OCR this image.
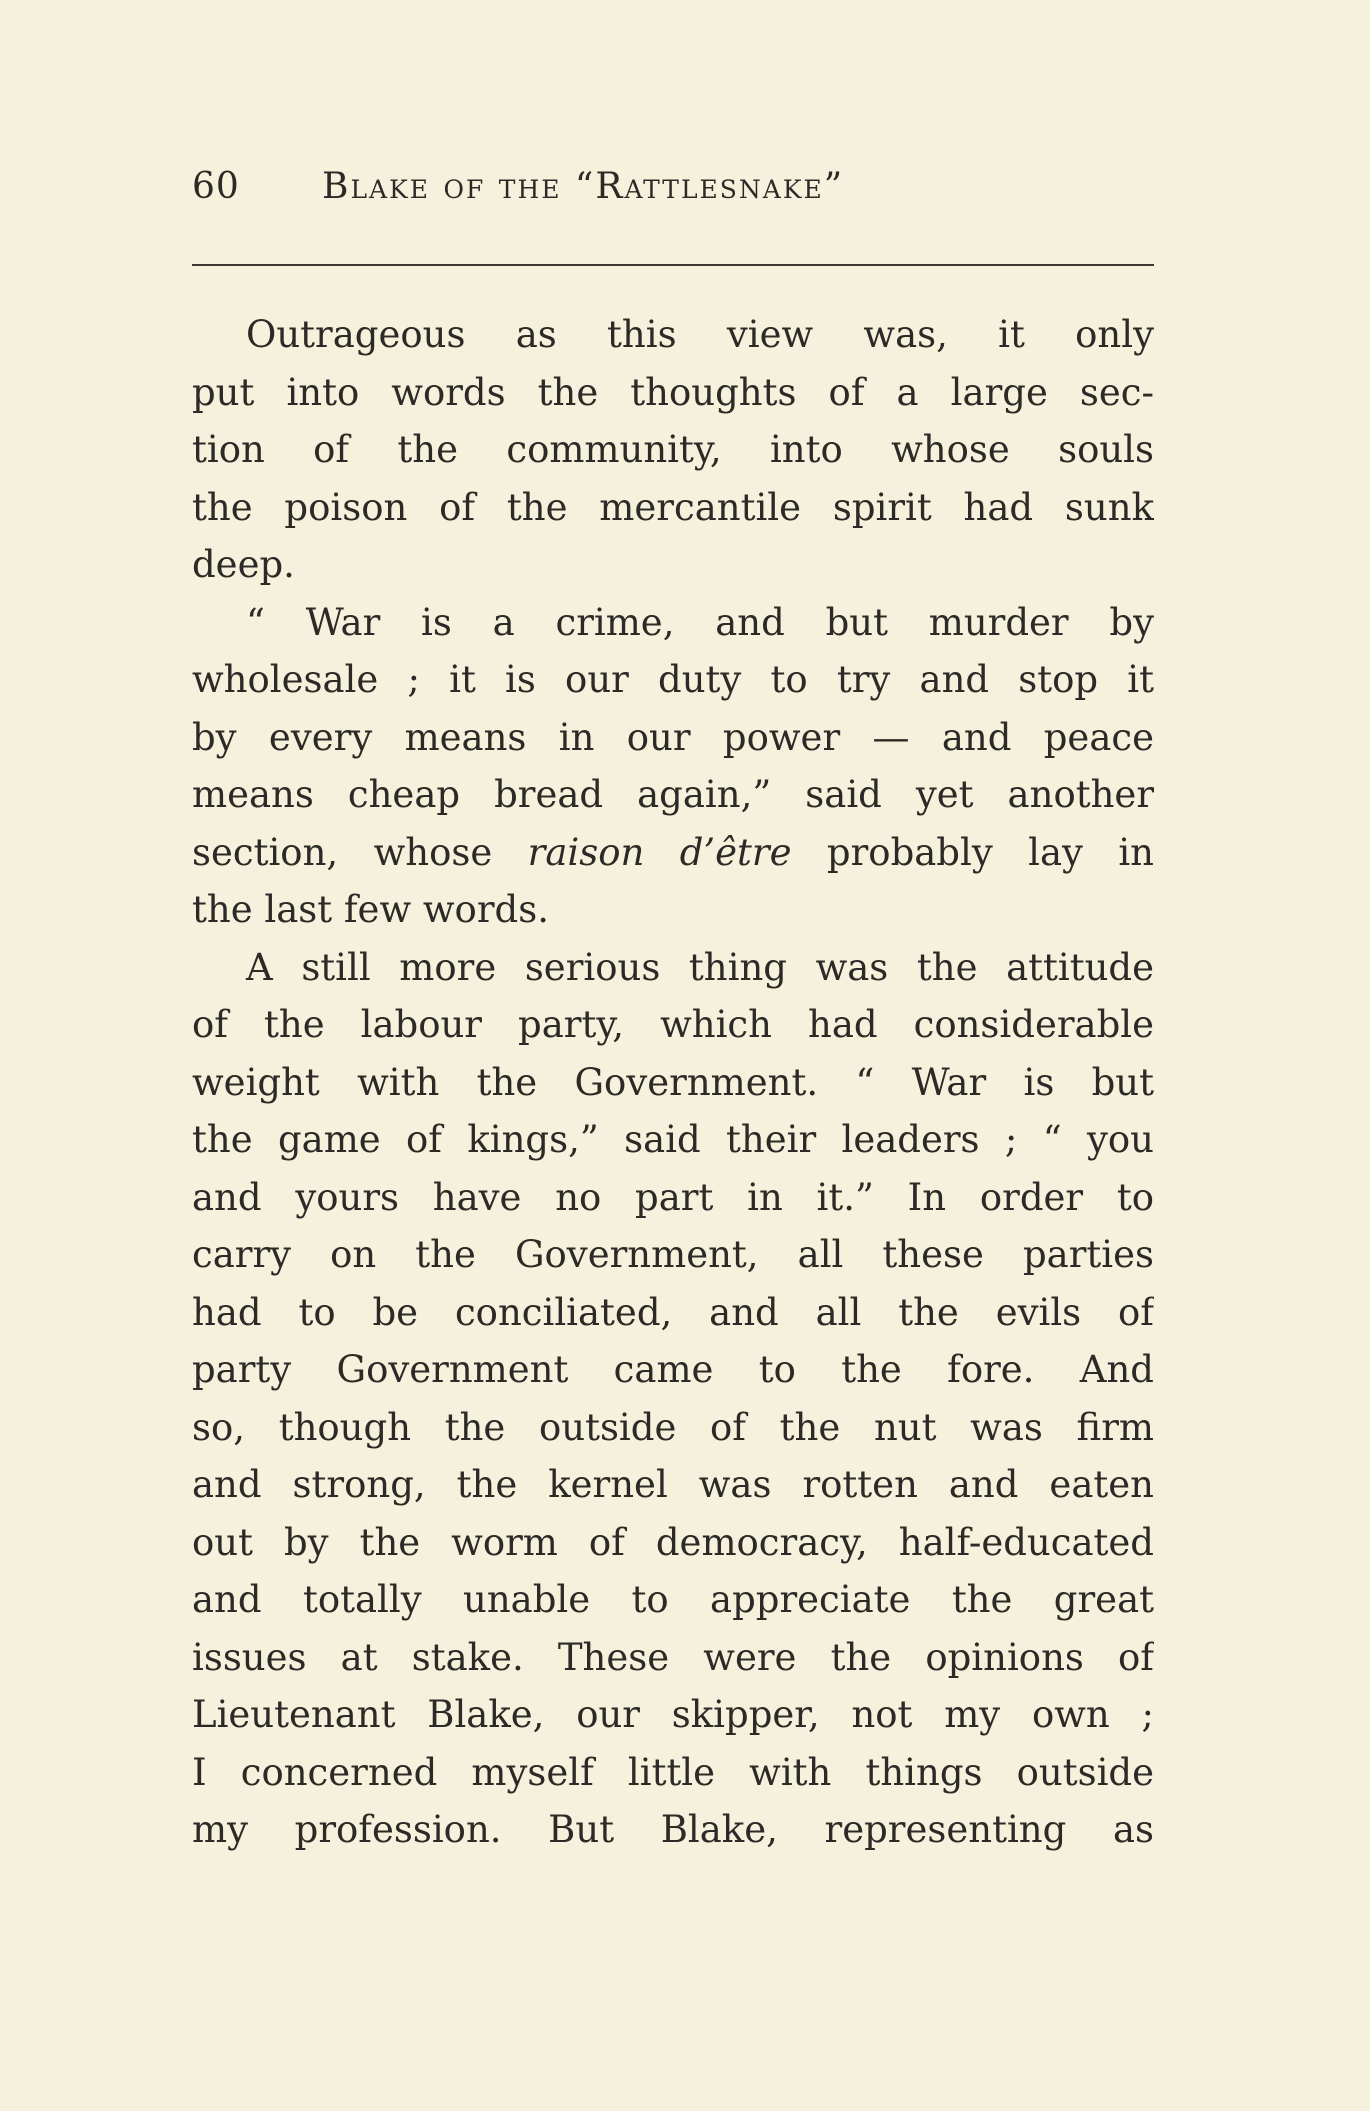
60 Blake of the “Rattlesnake”
Outrageous as this view was, it only
put into words the thoughts of a large sec-
tion of the community, into whose souls
the poison of the mercantile spirit had sunk
deep.
“ War is a crime, and but murder by
wholesale ; it is our duty to try and stop it
by every means in our power — and peace
means cheap bread again,” said yet another
section, whose raison d’être probably lay in
the last few words.
A still more serious thing was the attitude
of the labour party, which had considerable
weight with the Government. “ War is but
the game of kings,” said their leaders ; “ you
and yours have no part in it.” In order to
carry on the Government, all these parties
had to be conciliated, and all the evils of
party Government came to the fore. And
so, though the outside of the nut was firm
and strong, the kernel was rotten and eaten
out by the worm of democracy, half-educated
and totally unable to appreciate the great
issues at stake. These were the opinions of
Lieutenant Blake, our skipper, not my own ;
I concerned myself little with things outside
my profession. But Blake, representing as
